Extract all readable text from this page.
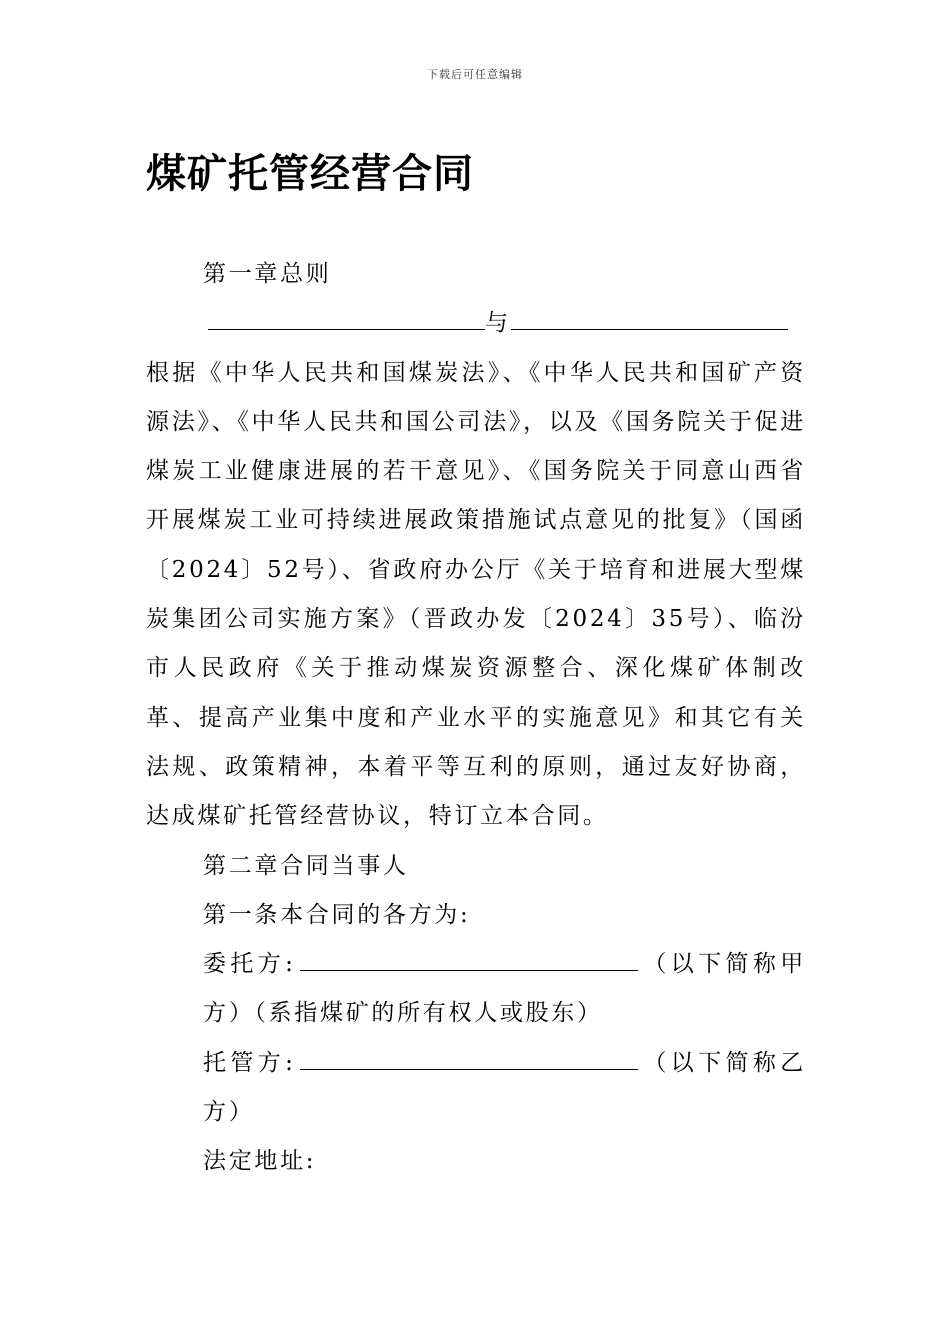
下载后可任意编辑
煤矿托管经营合同

第一章总则

与

根据《中华人民共和国煤炭法》、《中华人民共和国矿产资源法》、《中华人民共和国公司法》，以及《国务院关于促进煤炭工业健康进展的若干意见》、《国务院关于同意山西省开展煤炭工业可持续进展政策措施试点意见的批复》（国函〔2024〕52号）、省政府办公厅《关于培育和进展大型煤炭集团公司实施方案》（晋政办发〔2024〕35号）、临汾市人民政府《关于推动煤炭资源整合、深化煤矿体制改革、提高产业集中度和产业水平的实施意见》和其它有关法规、政策精神，本着平等互利的原则，通过友好协商，达成煤矿托管经营协议，特订立本合同。

第二章合同当事人

第一条本合同的各方为:

委托方:	（以下简称甲方）（系指煤矿的所有权人或股东）

托管方:	（以下简称乙方）

法定地址:
